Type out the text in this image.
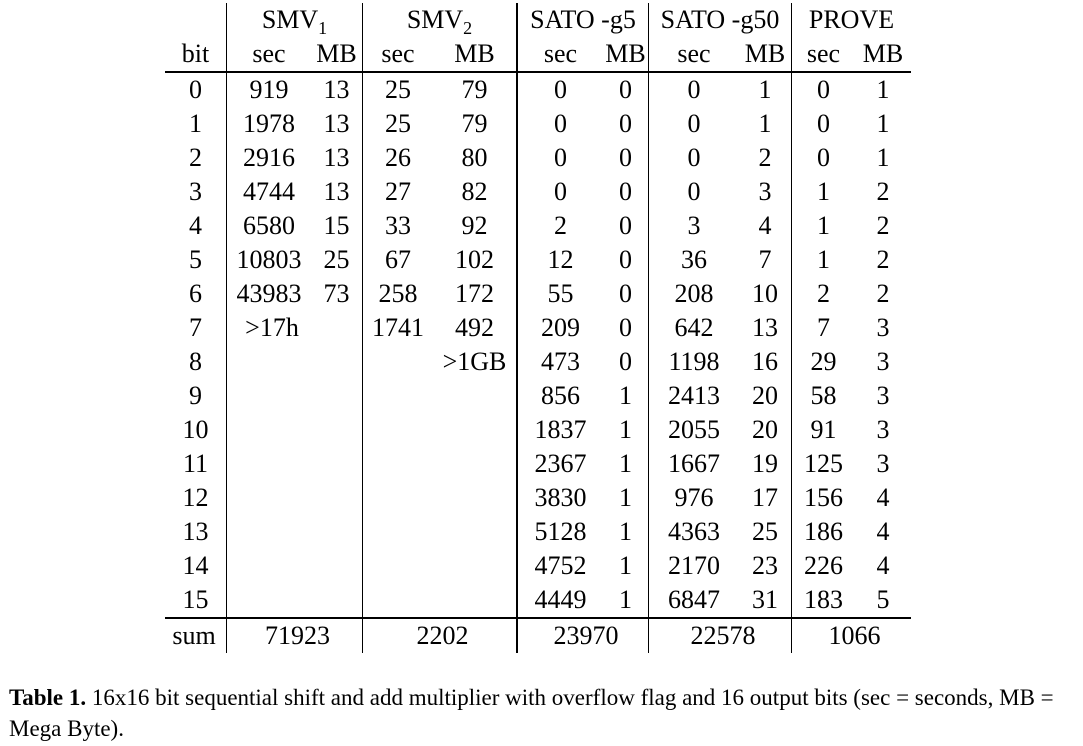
	$SMV_1$		$SMV_2$		SATO -g5		SATO -g50		PROVE	
bit	sec	MB	sec	MB	sec	MB	sec	MB	sec	MB
0	919	13	25	79	0	0	0	1	0	1
1	1978	13	25	79	0	0	0	1	0	1
2	2916	13	26	80	0	0	0	2	0	1
3	4744	13	27	82	0	0	0	3	1	2
4	6580	15	33	92	2	0	3	4	1	2
5	10803	25	67	102	12	0	36	7	1	2
6	43983	73	258	172	55	0	208	10	2	2
7	>17h		1741	492	209	0	642	13	7	3
8				>1GB	473	0	1198	16	29	3
9					856	1	2413	20	58	3
10					1837	1	2055	20	91	3
11					2367	1	1667	19	125	3
12					3830	1	976	17	156	4
13					5128	1	4363	25	186	4
14					4752	1	2170	23	226	4
15					4449	1	6847	31	183	5
sum	71923		2202		23970		22578		1066	

Table 1. 16x16 bit sequential shift and add multiplier with overflow flag and 16 output bits (sec = seconds, MB = Mega Byte).
